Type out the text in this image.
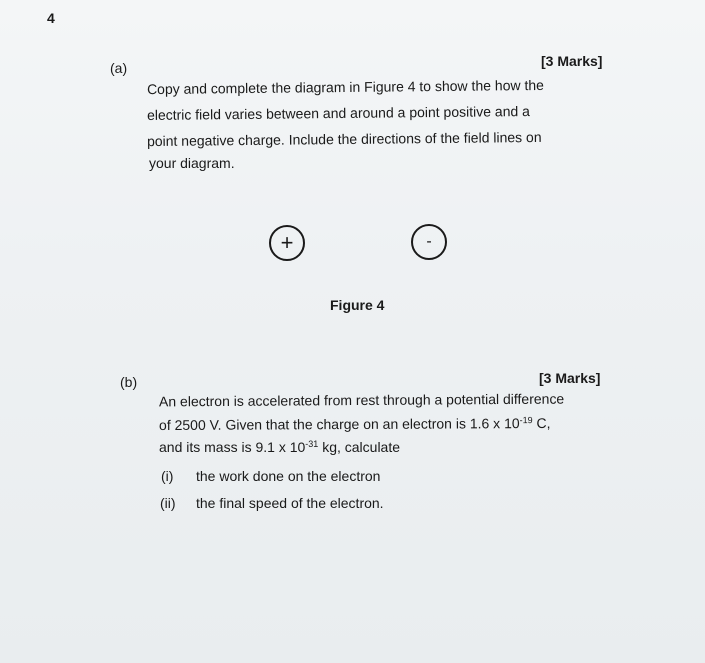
4
(a)	[3 Marks]
Copy and complete the diagram in Figure 4 to show the how the
electric field varies between and around a point positive and a
point negative charge. Include the directions of the field lines on
your diagram.
+	-
Figure 4
(b)	[3 Marks]
An electron is accelerated from rest through a potential difference
of 2500 V. Given that the charge on an electron is 1.6 x $10^{-19}$ C,
and its mass is 9.1 x $10^{-31}$ kg, calculate
(i) the work done on the electron
(ii) the final speed of the electron.
